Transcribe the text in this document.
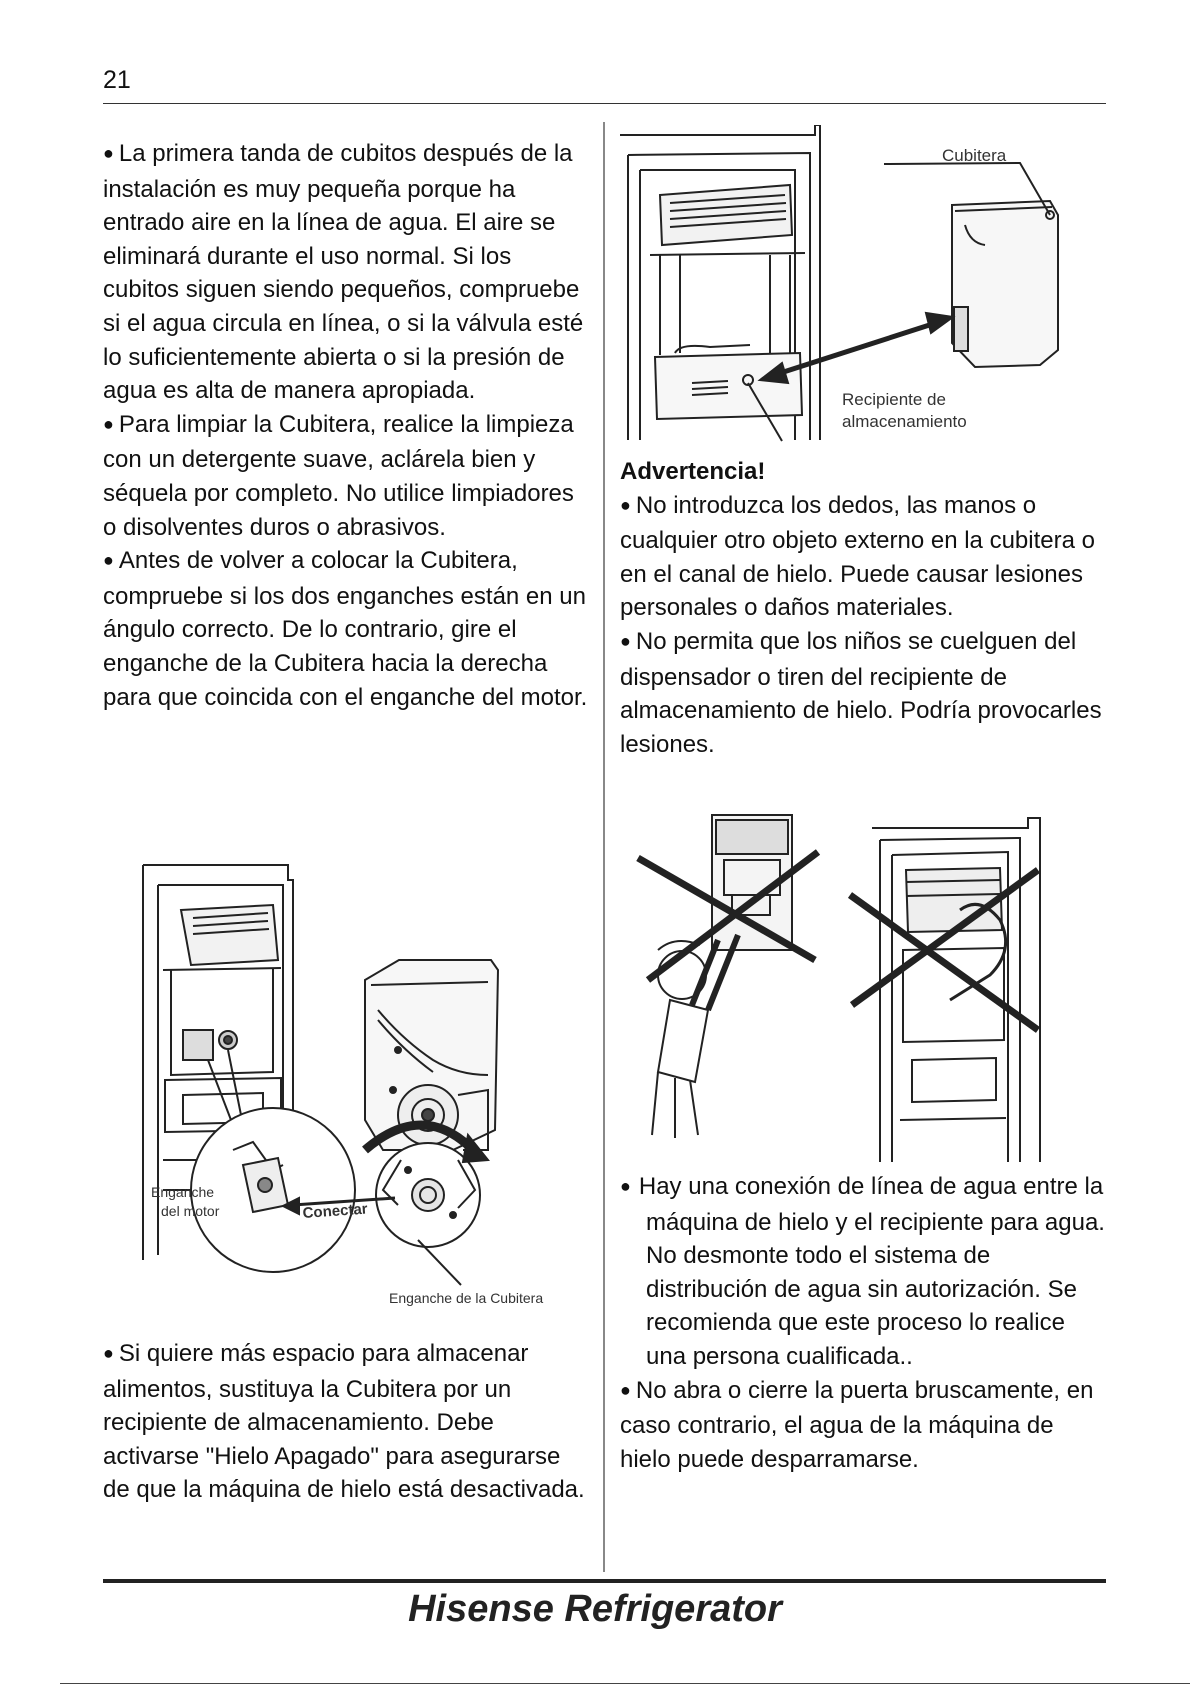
21

● La primera tanda de cubitos después de la instalación es muy pequeña porque ha entrado aire en la línea de agua. El aire se eliminará durante el uso normal. Si los cubitos siguen siendo pequeños, compruebe si el agua circula en línea, o si la válvula esté lo suficientemente abierta o si la presión de agua es alta de manera apropiada.

● Para limpiar la Cubitera, realice la limpieza con un detergente suave, aclárela bien y séquela por completo. No utilice limpiadores o disolventes duros o abrasivos.

● Antes de volver a colocar la Cubitera, compruebe si los dos enganches están en un ángulo correcto. De lo contrario, gire el enganche de la Cubitera hacia la derecha para que coincida con el enganche del motor.

Enganche
del motor	Conectar
Enganche de la Cubitera

● Si quiere más espacio para almacenar alimentos, sustituya la Cubitera por un recipiente de almacenamiento. Debe activarse "Hielo Apagado" para asegurarse de que la máquina de hielo está desactivada.

Cubitera
Recipiente de
almacenamiento

Advertencia!

● No introduzca los dedos, las manos o cualquier otro objeto externo en la cubitera o en el canal de hielo. Puede causar lesiones personales o daños materiales.

● No permita que los niños se cuelguen del dispensador o tiren del recipiente de almacenamiento de hielo. Podría provocarles lesiones.

● Hay una conexión de línea de agua entre la máquina de hielo y el recipiente para agua. No desmonte todo el sistema de distribución de agua sin autorización. Se recomienda que este proceso lo realice una persona cualificada..

● No abra o cierre la puerta bruscamente, en caso contrario, el agua de la máquina de hielo puede desparramarse.

Hisense Refrigerator
